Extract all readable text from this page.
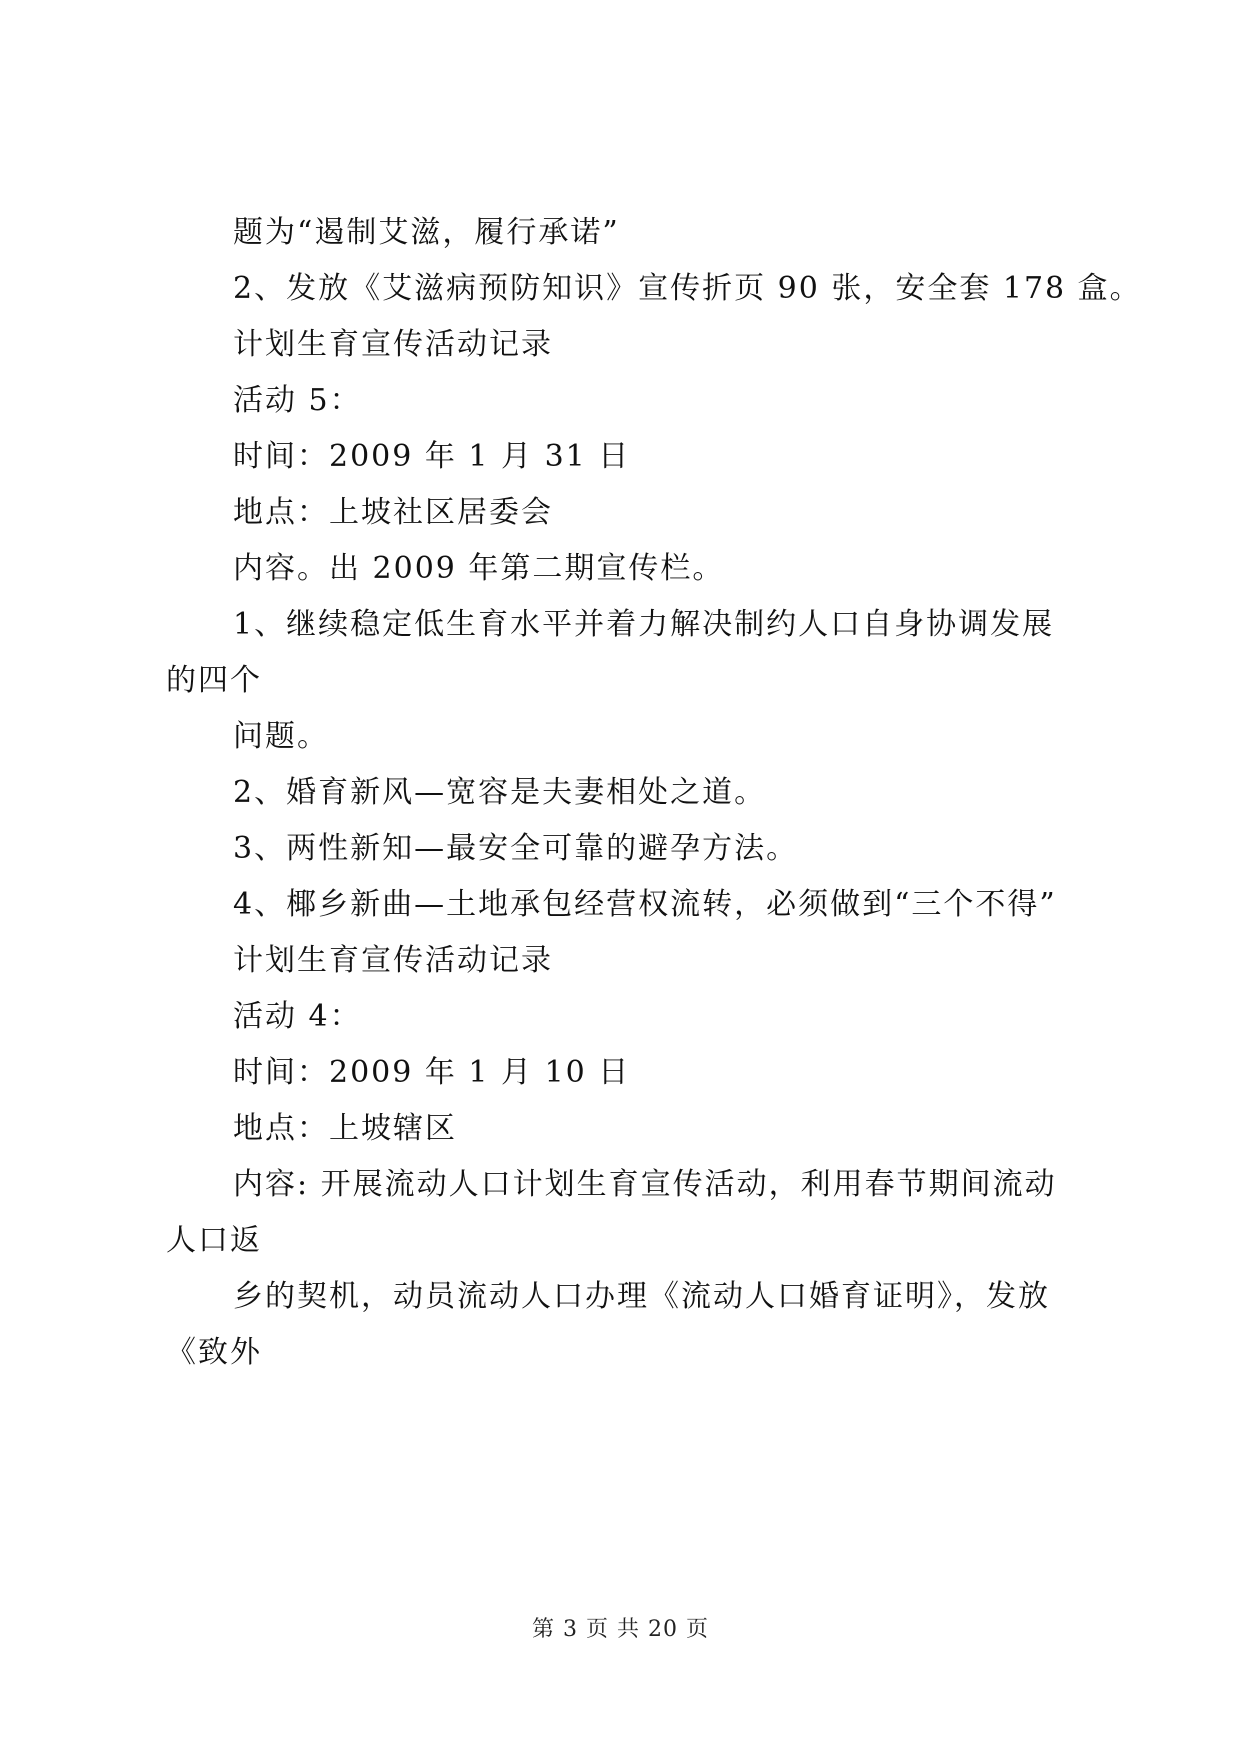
题为“遏制艾滋，履行承诺”
2、发放《艾滋病预防知识》宣传折页 90 张，安全套 178 盒。
计划生育宣传活动记录
活动 5：
时间：2009 年 1 月 31 日
地点：上坡社区居委会
内容。出 2009 年第二期宣传栏。
1、继续稳定低生育水平并着力解决制约人口自身协调发展
的四个
问题。
2、婚育新风—宽容是夫妻相处之道。
3、两性新知—最安全可靠的避孕方法。
4、椰乡新曲—土地承包经营权流转，必须做到“三个不得”
计划生育宣传活动记录
活动 4：
时间：2009 年 1 月 10 日
地点：上坡辖区
内容: 开展流动人口计划生育宣传活动，利用春节期间流动
人口返
乡的契机，动员流动人口办理《流动人口婚育证明》，发放
《致外
第 3 页 共 20 页
